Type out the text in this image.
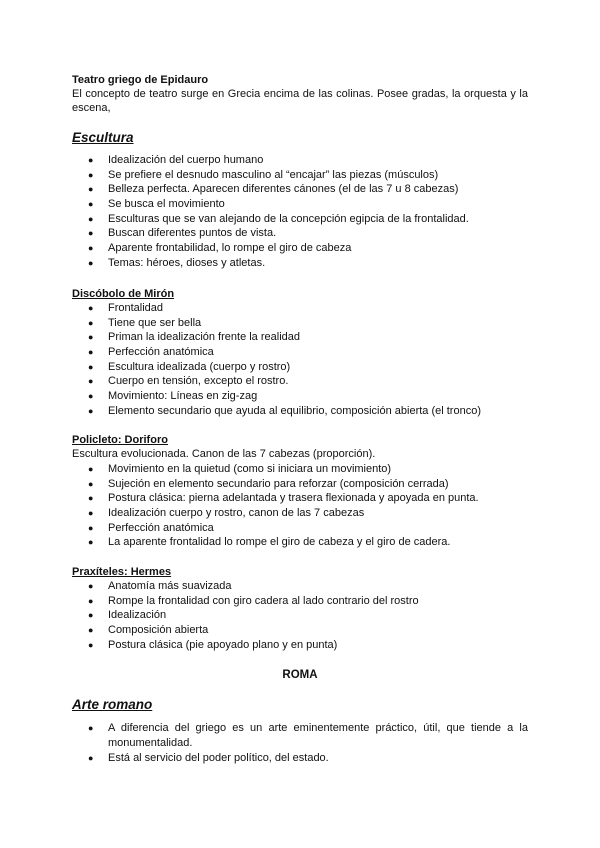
Teatro griego de Epidauro
El concepto de teatro surge en Grecia encima de las colinas. Posee gradas, la orquesta y la escena,
Escultura
● Idealización del cuerpo humano
● Se prefiere el desnudo masculino al “encajar” las piezas (músculos)
● Belleza perfecta. Aparecen diferentes cánones (el de las 7 u 8 cabezas)
● Se busca el movimiento
● Esculturas que se van alejando de la concepción egipcia de la frontalidad.
● Buscan diferentes puntos de vista.
● Aparente frontabilidad, lo rompe el giro de cabeza
● Temas: héroes, dioses y atletas.
Discóbolo de Mirón
● Frontalidad
● Tiene que ser bella
● Priman la idealización frente la realidad
● Perfección anatómica
● Escultura idealizada (cuerpo y rostro)
● Cuerpo en tensión, excepto el rostro.
● Movimiento: Líneas en zig-zag
● Elemento secundario que ayuda al equilibrio, composición abierta (el tronco)
Policleto: Doriforo
Escultura evolucionada. Canon de las 7 cabezas (proporción).
● Movimiento en la quietud (como si iniciara un movimiento)
● Sujeción en elemento secundario para reforzar (composición cerrada)
● Postura clásica: pierna adelantada y trasera flexionada y apoyada en punta.
● Idealización cuerpo y rostro, canon de las 7 cabezas
● Perfección anatómica
● La aparente frontalidad lo rompe el giro de cabeza y el giro de cadera.
Praxíteles: Hermes
● Anatomía más suavizada
● Rompe la frontalidad con giro cadera al lado contrario del rostro
● Idealización
● Composición abierta
● Postura clásica (pie apoyado plano y en punta)
ROMA
Arte romano
● A diferencia del griego es un arte eminentemente práctico, útil, que tiende a la monumentalidad.
● Está al servicio del poder político, del estado.
